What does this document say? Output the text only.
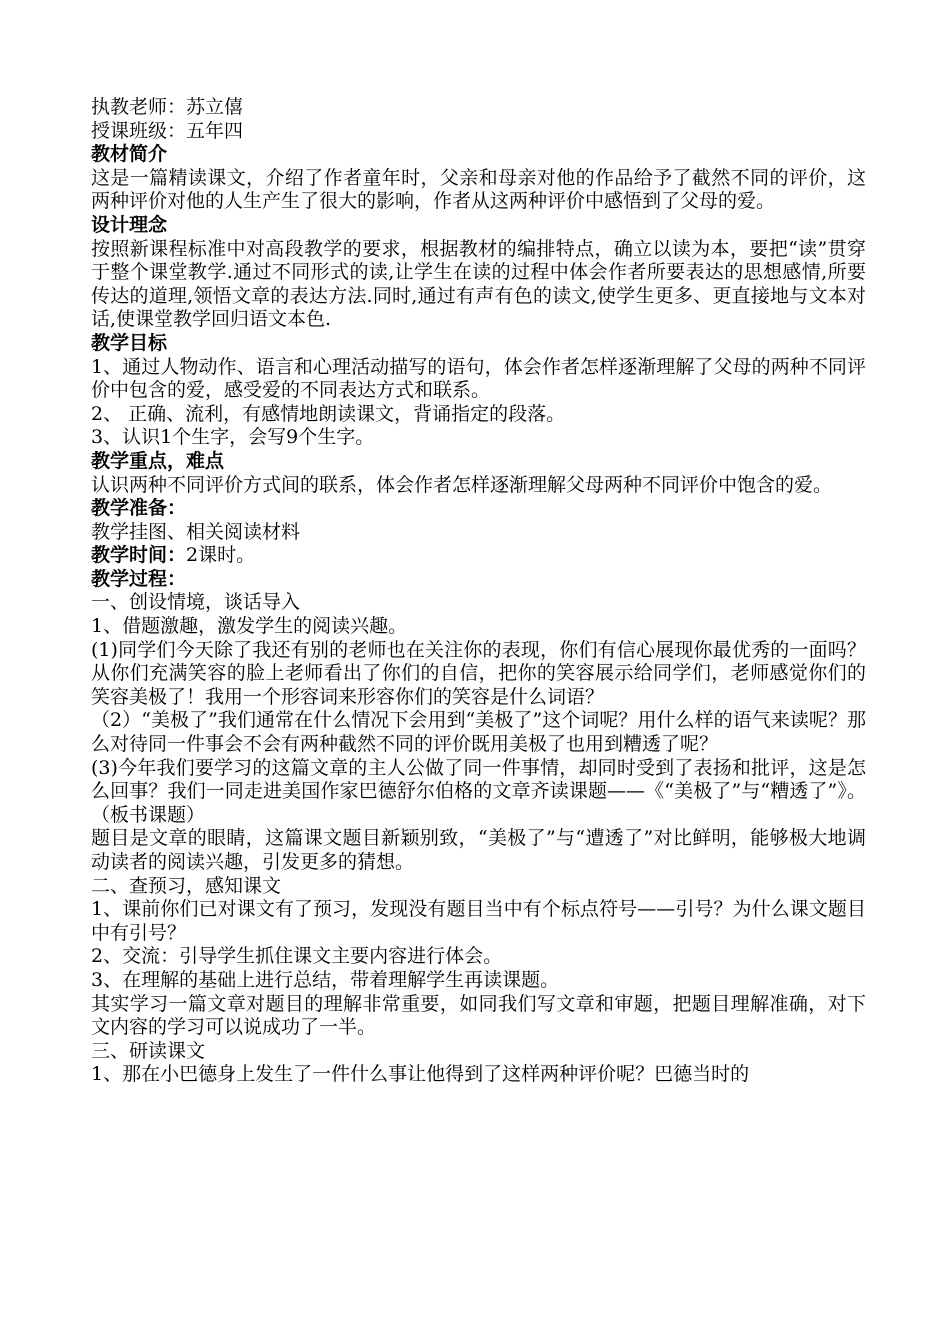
执教老师：苏立僖

授课班级：五年四

教材简介

这是一篇精读课文，介绍了作者童年时，父亲和母亲对他的作品给予了截然不同的评价，这两种评价对他的人生产生了很大的影响，作者从这两种评价中感悟到了父母的爱。

设计理念

按照新课程标准中对高段教学的要求，根据教材的编排特点，确立以读为本，要把“读”贯穿于整个课堂教学.通过不同形式的读,让学生在读的过程中体会作者所要表达的思想感情,所要传达的道理,领悟文章的表达方法.同时,通过有声有色的读文,使学生更多、更直接地与文本对话,使课堂教学回归语文本色.

教学目标

1、通过人物动作、语言和心理活动描写的语句，体会作者怎样逐渐理解了父母的两种不同评价中包含的爱，感受爱的不同表达方式和联系。

2、 正确、流利，有感情地朗读课文，背诵指定的段落。

3、认识1个生字，会写9个生字。

教学重点，难点

认识两种不同评价方式间的联系，体会作者怎样逐渐理解父母两种不同评价中饱含的爱。

教学准备：

教学挂图、相关阅读材料

教学时间：2课时。

教学过程：

一、创设情境，谈话导入

1、借题激趣，激发学生的阅读兴趣。

(1)同学们今天除了我还有别的老师也在关注你的表现，你们有信心展现你最优秀的一面吗？从你们充满笑容的脸上老师看出了你们的自信，把你的笑容展示给同学们，老师感觉你们的笑容美极了！我用一个形容词来形容你们的笑容是什么词语？

（2）“美极了”我们通常在什么情况下会用到“美极了”这个词呢？用什么样的语气来读呢？那么对待同一件事会不会有两种截然不同的评价既用美极了也用到糟透了呢？

(3)今年我们要学习的这篇文章的主人公做了同一件事情，却同时受到了表扬和批评，这是怎么回事？我们一同走进美国作家巴德舒尔伯格的文章齐读课题——《“美极了”与“糟透了”》。（板书课题）

题目是文章的眼睛，这篇课文题目新颖别致，“美极了”与“遭透了”对比鲜明，能够极大地调动读者的阅读兴趣，引发更多的猜想。

二、查预习，感知课文

1、课前你们已对课文有了预习，发现没有题目当中有个标点符号——引号？为什么课文题目中有引号？

2、交流：引导学生抓住课文主要内容进行体会。

3、在理解的基础上进行总结，带着理解学生再读课题。

其实学习一篇文章对题目的理解非常重要，如同我们写文章和审题，把题目理解准确，对下文内容的学习可以说成功了一半。

三、研读课文

1、那在小巴德身上发生了一件什么事让他得到了这样两种评价呢？巴德当时的
